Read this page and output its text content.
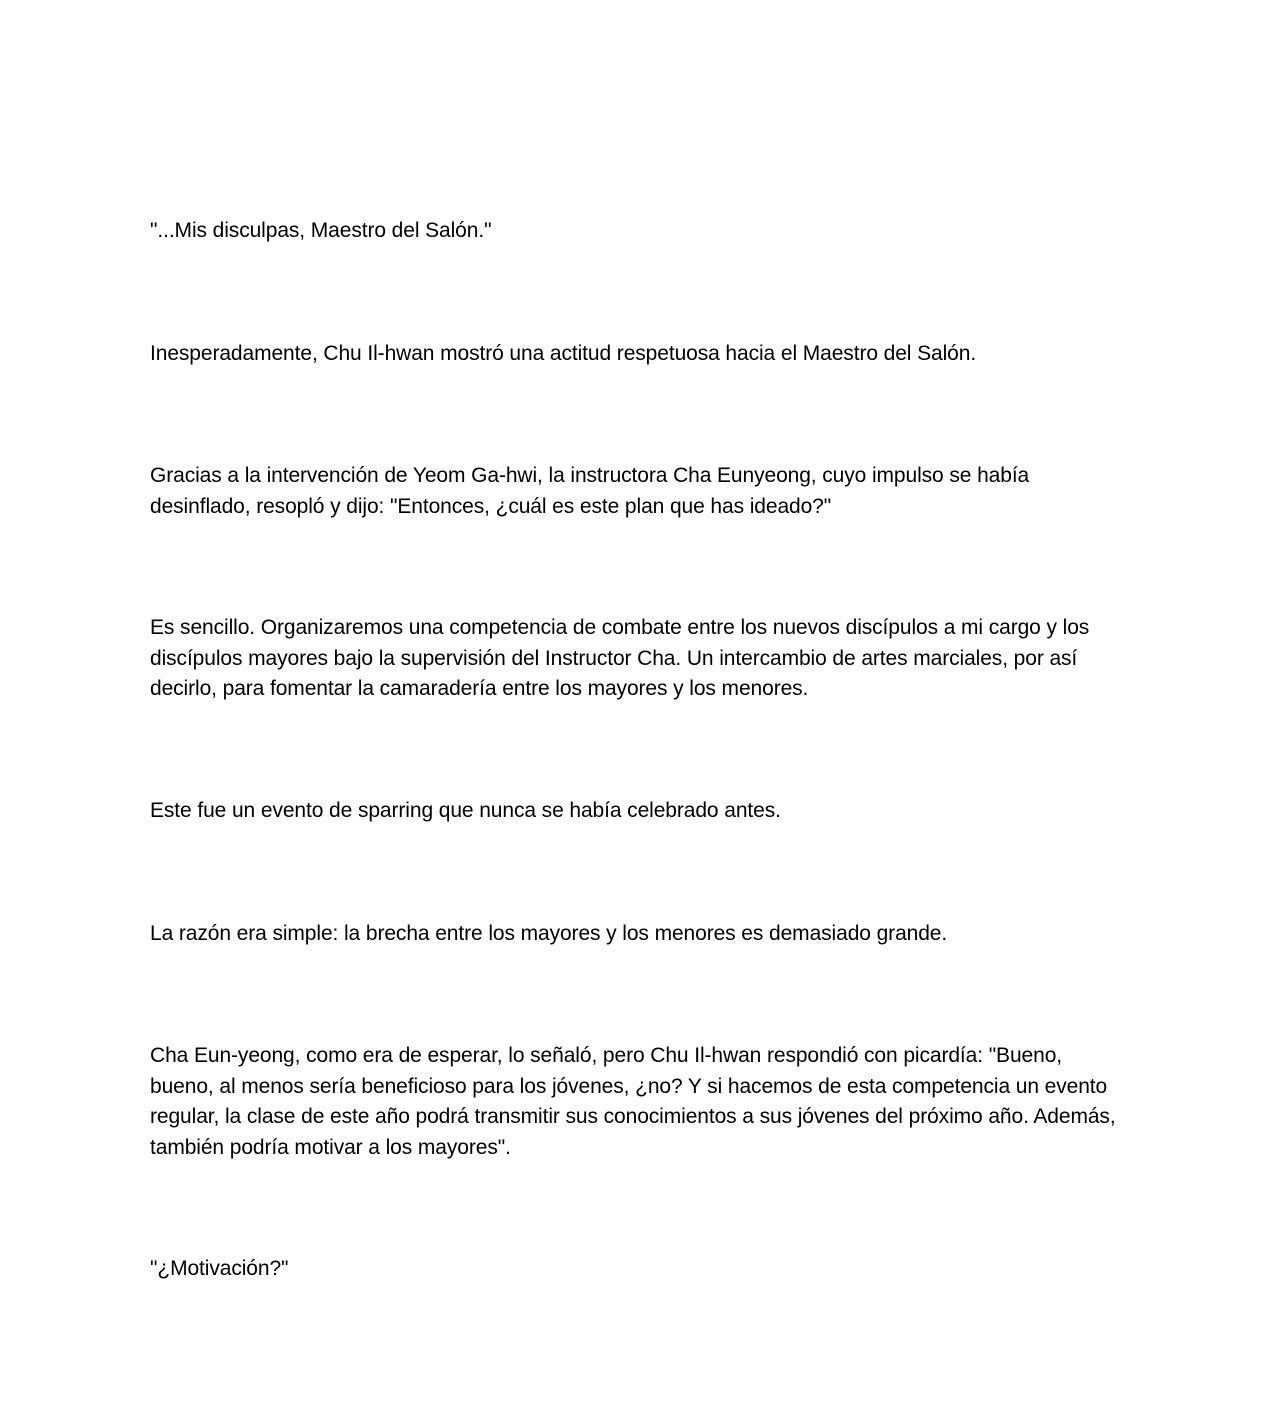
"...Mis disculpas, Maestro del Salón."

Inesperadamente, Chu Il-hwan mostró una actitud respetuosa hacia el Maestro del Salón.

Gracias a la intervención de Yeom Ga-hwi, la instructora Cha Eunyeong, cuyo impulso se había desinflado, resopló y dijo: "Entonces, ¿cuál es este plan que has ideado?"

Es sencillo. Organizaremos una competencia de combate entre los nuevos discípulos a mi cargo y los discípulos mayores bajo la supervisión del Instructor Cha. Un intercambio de artes marciales, por así decirlo, para fomentar la camaradería entre los mayores y los menores.

Este fue un evento de sparring que nunca se había celebrado antes.

La razón era simple: la brecha entre los mayores y los menores es demasiado grande.

Cha Eun-yeong, como era de esperar, lo señaló, pero Chu Il-hwan respondió con picardía: "Bueno, bueno, al menos sería beneficioso para los jóvenes, ¿no? Y si hacemos de esta competencia un evento regular, la clase de este año podrá transmitir sus conocimientos a sus jóvenes del próximo año. Además, también podría motivar a los mayores".

"¿Motivación?"
